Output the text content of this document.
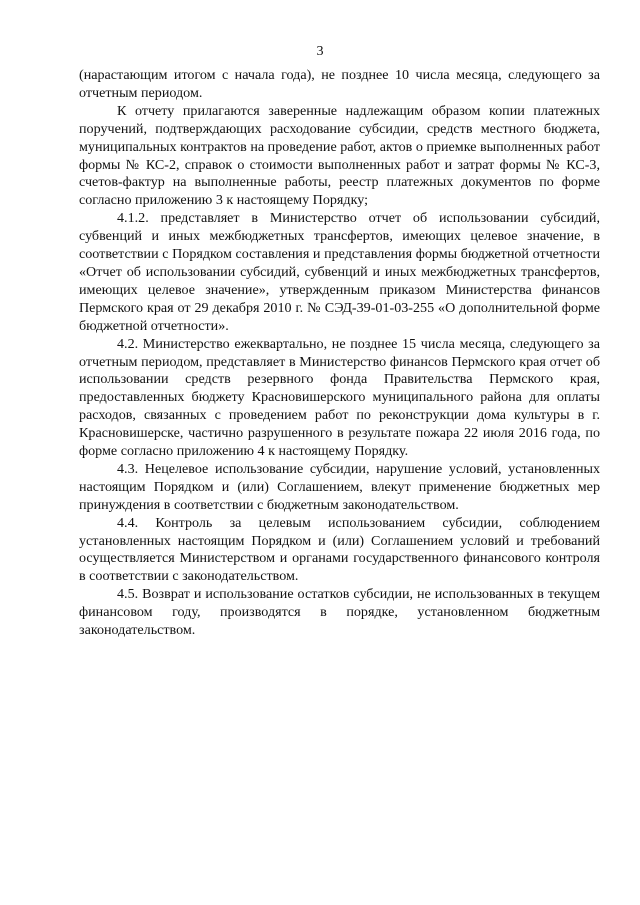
3

(нарастающим итогом с начала года), не позднее 10 числа месяца, следующего за отчетным периодом.

К отчету прилагаются заверенные надлежащим образом копии платежных поручений, подтверждающих расходование субсидии, средств местного бюджета, муниципальных контрактов на проведение работ, актов о приемке выполненных работ формы № КС-2, справок о стоимости выполненных работ и затрат формы № КС-3, счетов-фактур на выполненные работы, реестр платежных документов по форме согласно приложению 3 к настоящему Порядку;

4.1.2. представляет в Министерство отчет об использовании субсидий, субвенций и иных межбюджетных трансфертов, имеющих целевое значение, в соответствии с Порядком составления и представления формы бюджетной отчетности «Отчет об использовании субсидий, субвенций и иных межбюджетных трансфертов, имеющих целевое значение», утвержденным приказом Министерства финансов Пермского края от 29 декабря 2010 г. № СЭД-39-01-03-255 «О дополнительной форме бюджетной отчетности».

4.2. Министерство ежеквартально, не позднее 15 числа месяца, следующего за отчетным периодом, представляет в Министерство финансов Пермского края отчет об использовании средств резервного фонда Правительства Пермского края, предоставленных бюджету Красновишерского муниципального района для оплаты расходов, связанных с проведением работ по реконструкции дома культуры в г. Красновишерске, частично разрушенного в результате пожара 22 июля 2016 года, по форме согласно приложению 4 к настоящему Порядку.

4.3. Нецелевое использование субсидии, нарушение условий, установленных настоящим Порядком и (или) Соглашением, влекут применение бюджетных мер принуждения в соответствии с бюджетным законодательством.

4.4. Контроль за целевым использованием субсидии, соблюдением установленных настоящим Порядком и (или) Соглашением условий и требований осуществляется Министерством и органами государственного финансового контроля в соответствии с законодательством.

4.5. Возврат и использование остатков субсидии, не использованных в текущем финансовом году, производятся в порядке, установленном бюджетным законодательством.
